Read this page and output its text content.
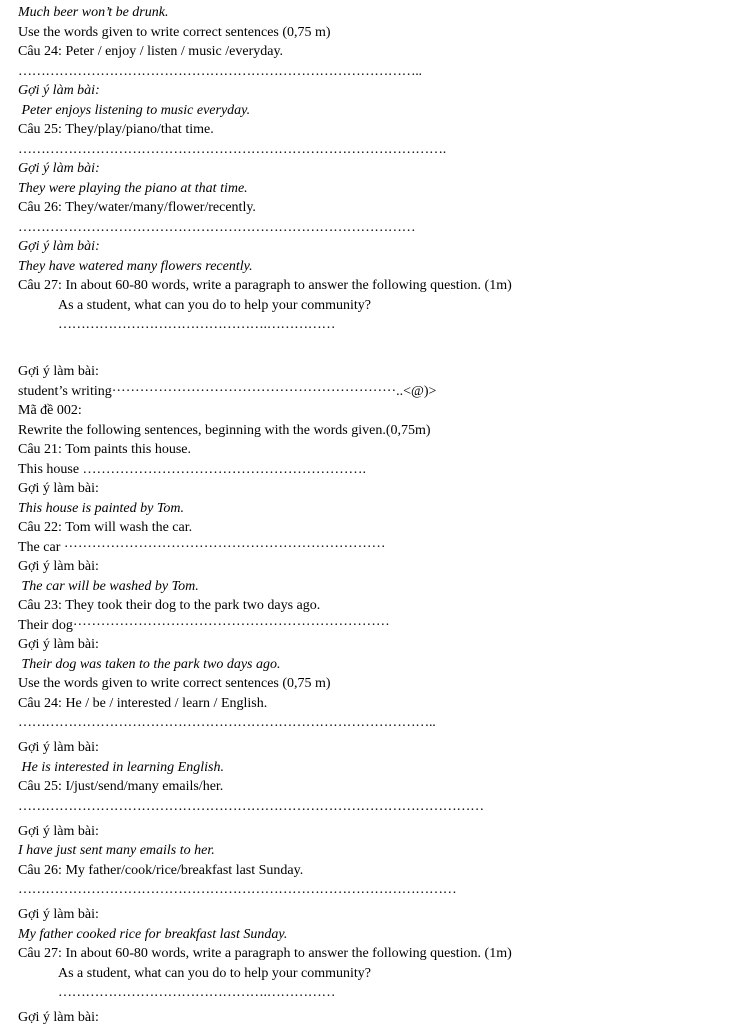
Much beer won’t be drunk.
Use the words given to write correct sentences (0,75 m)
Câu 24: Peter / enjoy / listen / music /everyday.
……………………………………………………………………………..
Gợi ý làm bài:
Peter enjoys listening to music everyday.
Câu 25: They/play/piano/that time.
………………………………………………………………………………….
Gợi ý làm bài:
They were playing the piano at that time.
Câu 26: They/water/many/flower/recently.
……………………………………………………………………………
Gợi ý làm bài:
They have watered many flowers recently.
Câu 27: In about 60-80 words, write a paragraph to answer the following question. (1m)
As a student, what can you do to help your community?
……………………………………….……………
Gợi ý làm bài:
student’s writing·····························································..<@)>
Mã đề 002:
Rewrite the following sentences, beginning with the words given.(0,75m)
Câu 21: Tom paints this house.
This house …………………………………………………….
Gợi ý làm bài:
This house is painted by Tom.
Câu 22: Tom will wash the car.
The car ·····································································
Gợi ý làm bài:
The car will be washed by Tom.
Câu 23: They took their dog to the park two days ago.
Their dog····································································
Gợi ý làm bài:
Their dog was taken to the park two days ago.
Use the words given to write correct sentences (0,75 m)
Câu 24: He / be / interested / learn / English.
………………………………………………………………………………..
Gợi ý làm bài:
He is interested in learning English.
Câu 25: I/just/send/many emails/her.
…………………………………………………………………………………………
Gợi ý làm bài:
I have just sent many emails to her.
Câu 26: My father/cook/rice/breakfast last Sunday.
……………………………………………………………………………………
Gợi ý làm bài:
My father cooked rice for breakfast last Sunday.
Câu 27: In about 60-80 words, write a paragraph to answer the following question. (1m)
As a student, what can you do to help your community?
……………………………………….……………
Gợi ý làm bài:
